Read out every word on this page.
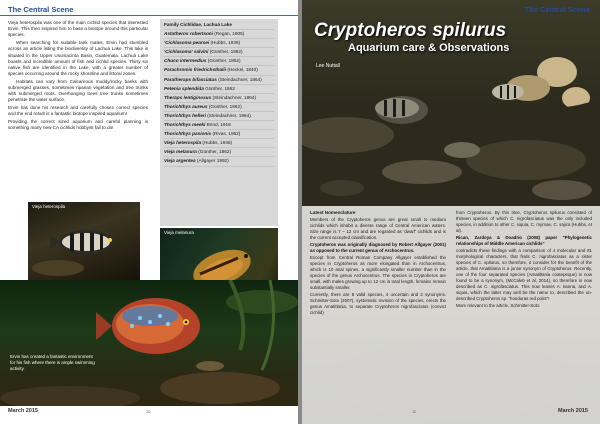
The Central Scene

Vieja heterospila was one of the main cichlid species that interested Ervin. This then inspired him to base a biotope around this particular species.

When searching for suitable tank mates, Ervin had stumbled across an article listing the biodiversity of Lachuá Lake. This lake is situated in the Upper Usumacinta Basin, Guatemala. Lachuá Lake boasts and incredible amount of fish and cichlid species. Thirty six native fish are identified in the Lake, with a greater number of species occurring around the rocky shoreline and littoral zones.

Habitats can vary from Calcareous muddy/rocky banks with submerged grasses, sometimes riparian vegetation and tree trunks with submerged roots. Overhanging trees tree trunks sometimes penetrate the water surface.

Ervin has done his research and carefully chosen correct species and the end result is a fantastic biotope inspired aquarium!

Providing the correct sized aquarium and careful planning is something many new CA cichlids hobbyist fail to do!

Family Cichlidae, Lachuá Lake
Astatheros robertsoni (Regan, 1905)
'Cichlasoma pearsei (Hubbs, 1936)
'Cichlasoma' salvini (Günther, 1862)
Chuco intermedius (Günther, 1862)
Parachromis friedrichsthalii (Heckel, 1840)
Paratheraps bifasciatus (Steindachner, 1864)
Petenia splendida Günther, 1862
Theraps lentiginosus (Steindachner, 1864)
Thorichthys aureus (Günther, 1862)
Thorichthys helleri (Steindachner, 1864)
Thorichthys meeki Brind, 1918
Thorichthys pasionis (Rivas, 1962)
Vieja heterospila (Hubbs, 1936)
Vieja melanura (Günther, 1862)
Vieja argentea (Allgayer 1992)
Vieja heterospila
Vieja melanura
Ervin has created a fantastic environment for his fish where there is ample swimming activity.
March 2015	10
The Central Scene
Cryptoheros spilurus
Aquarium care & Observations
Lee Nuttall

Latest Nomenclature

Members of the Cryptoheros genus are great small to medium cichlids which inhabit a diverse range of Central American waters. Size range is 7 – 12 cm and are regarded as 'dwarf' cichlids and is the current accepted classification.

Cryptoheros was originally diagnosed by Robert Allgayer (2001) as opposed to the current genus of Archocentrus.

Except from Central Roman Company Allgayer established the species in Cryptoheros as more elongated than in Archocentrus, which is 10 anal spines, a significantly smaller number than in the species of the genus Archocentrus. The species in Cryptoheros are small, with males growing up to 12 cm in total length, females remain substantially smaller.

Currently, there are 8 valid species, 4 uncertain and 2 synonyms. Schmitter-Soto (2007), systematic revision of the species, erects the genus Amatitlania, to separate Cryptoheros nigrofasciatus (convict cichlid)

from Cryptoheros. By this time, Cryptoheros spilurus consisted of thirteen species of which C. nigrofasciatus was the only included species, in addition to other C. siquia, C. myrnae, C. sajica (Hubbs, et al).

Rican, Zardoya & Doadrio (2008) paper "Phylogenetic relationships of Middle American cichlids"

contradicts these findings with a comparison of 4 molecular and 81 morphological characters, that finds C. nigrofasciatus as a sister species of C. spilurus, so therefore, it consider for the benefit of the article, that Amatitlania is a junior synonym of Cryptoheros. Recently, one of the four separated species (Amatitlania coatepeque) is now found to be a synonym, (McCaleb et al, 2014), so therefore is now described as C. nigrofasciatus. This now leaves A. kanna, and A. siquia, which the latter may well be the name to, described the un-described Cryptoheros sp. "honduras red point"!

More relevant to the article, Schmitter-Soto

March 2015
11
